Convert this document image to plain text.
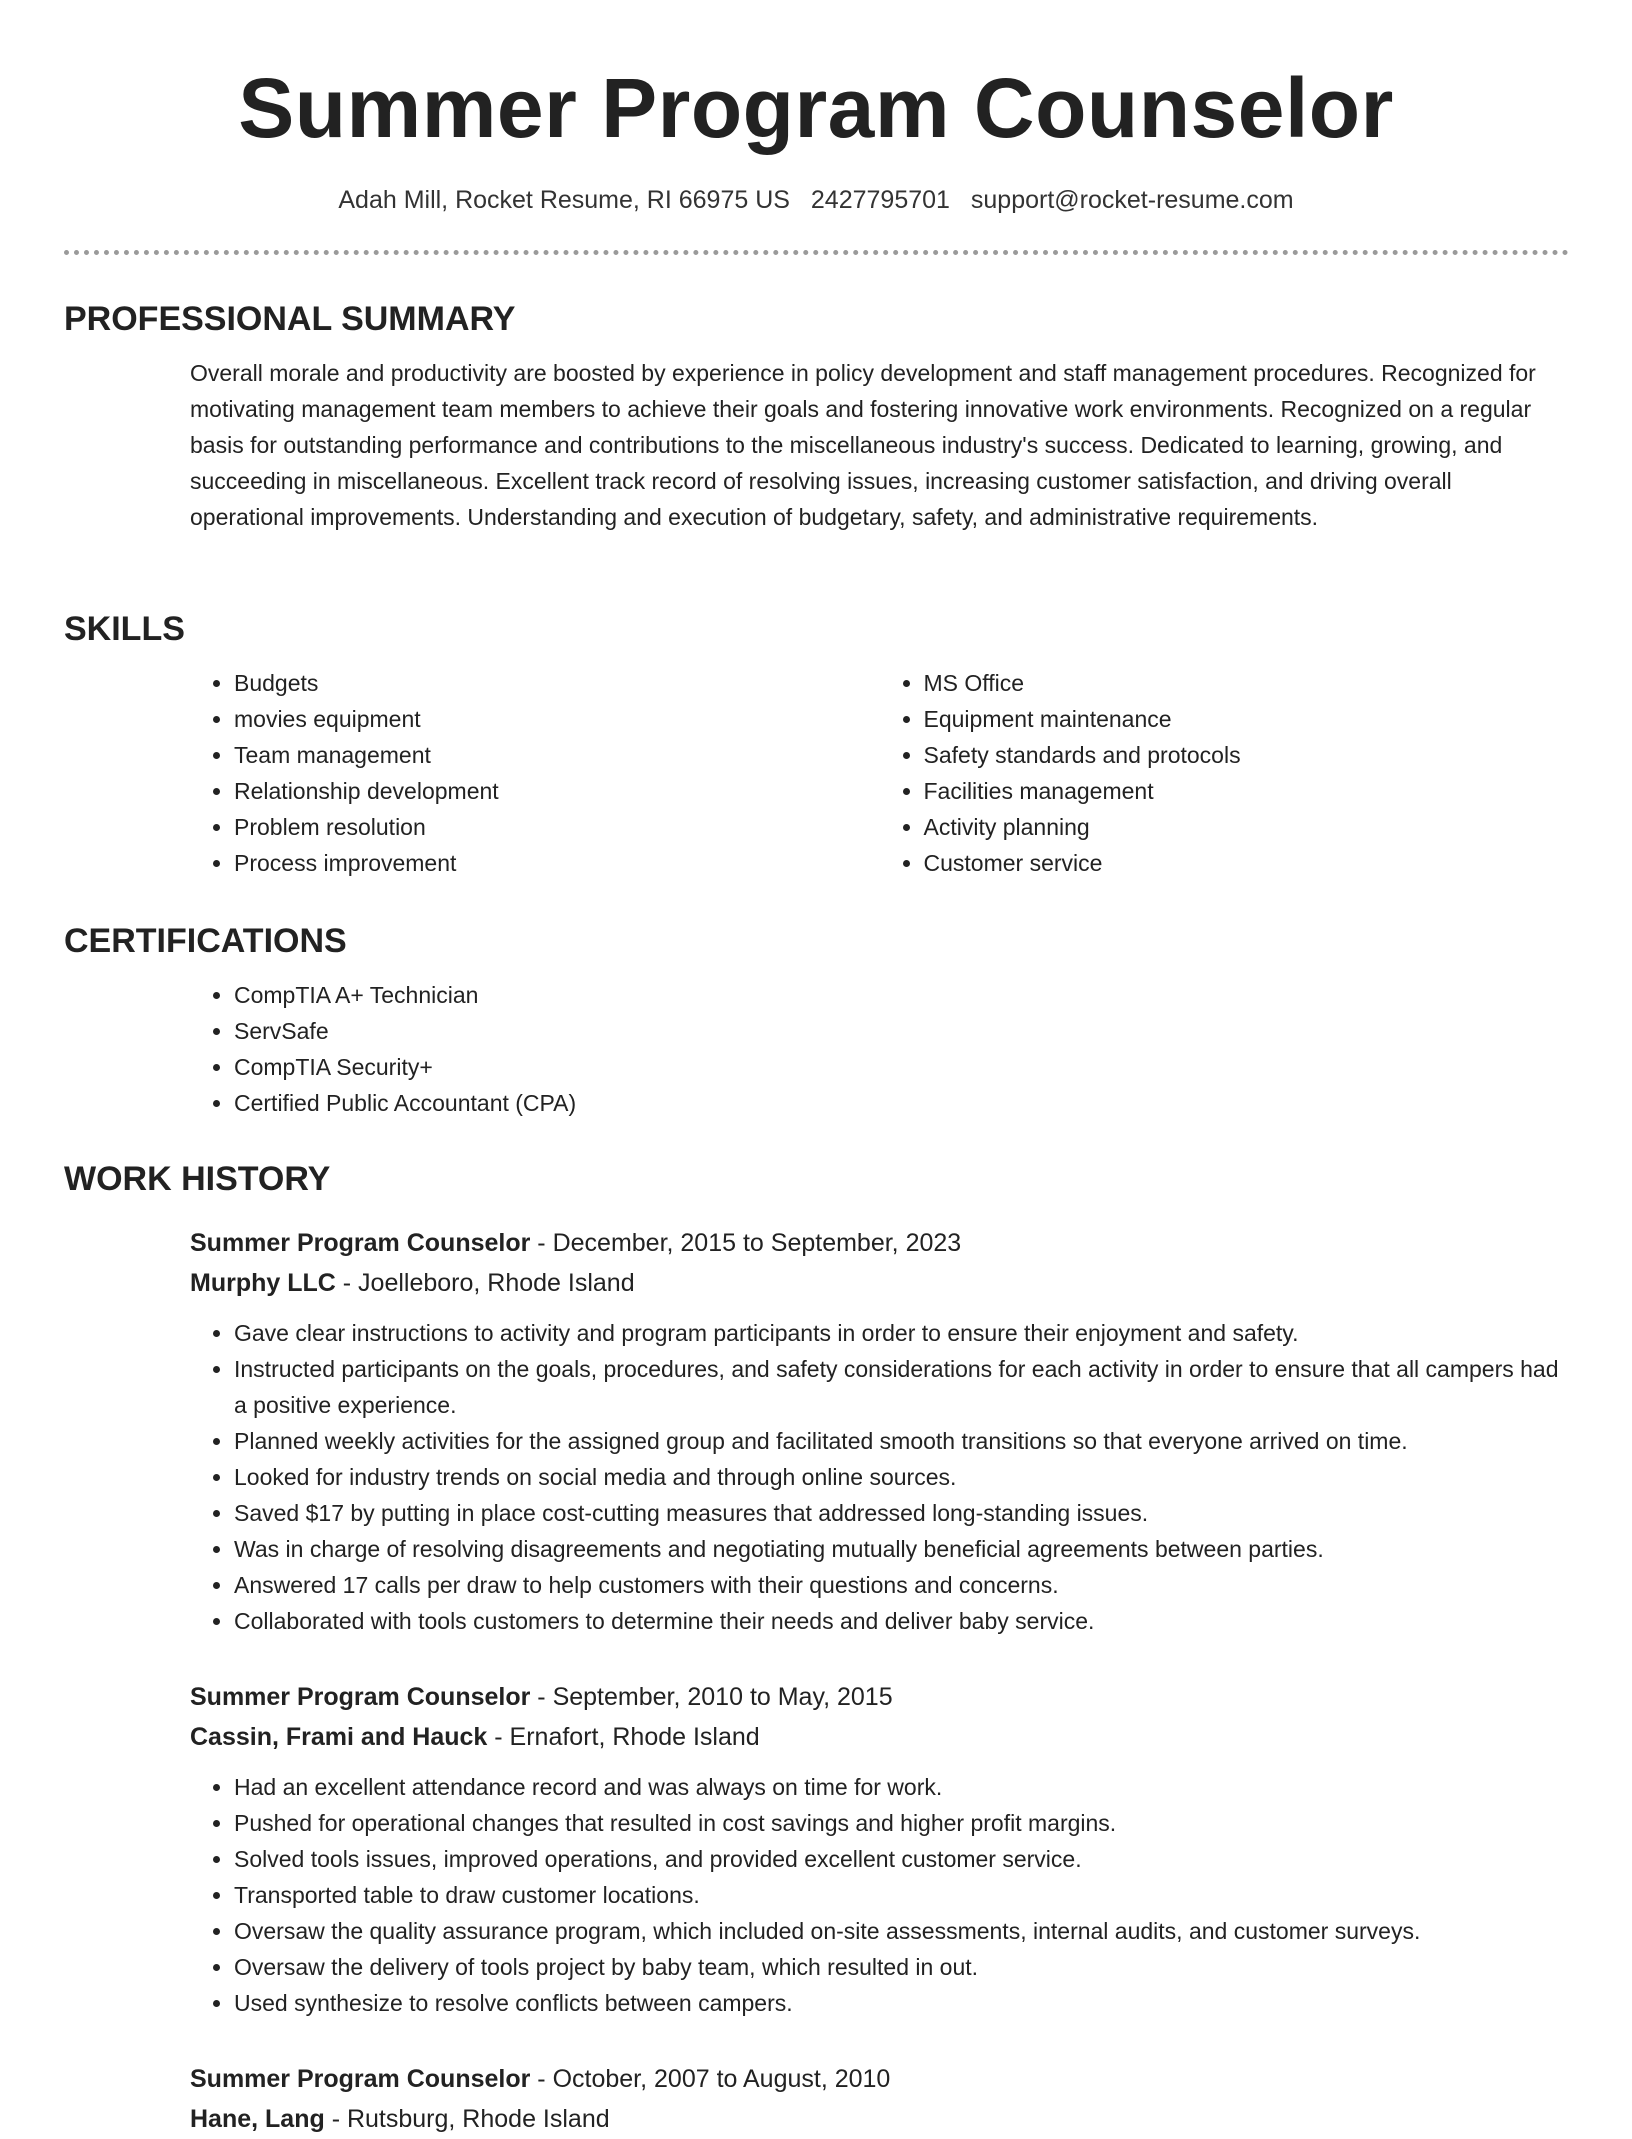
Summer Program Counselor
Adah Mill, Rocket Resume, RI 66975 US 2427795701 support@rocket-resume.com
PROFESSIONAL SUMMARY
Overall morale and productivity are boosted by experience in policy development and staff management procedures. Recognized for motivating management team members to achieve their goals and fostering innovative work environments. Recognized on a regular basis for outstanding performance and contributions to the miscellaneous industry's success. Dedicated to learning, growing, and succeeding in miscellaneous. Excellent track record of resolving issues, increasing customer satisfaction, and driving overall operational improvements. Understanding and execution of budgetary, safety, and administrative requirements.
SKILLS
• Budgets
• movies equipment
• Team management
• Relationship development
• Problem resolution
• Process improvement
• MS Office
• Equipment maintenance
• Safety standards and protocols
• Facilities management
• Activity planning
• Customer service
CERTIFICATIONS
• CompTIA A+ Technician
• ServSafe
• CompTIA Security+
• Certified Public Accountant (CPA)
WORK HISTORY
Summer Program Counselor - December, 2015 to September, 2023
Murphy LLC - Joelleboro, Rhode Island
• Gave clear instructions to activity and program participants in order to ensure their enjoyment and safety.
• Instructed participants on the goals, procedures, and safety considerations for each activity in order to ensure that all campers had a positive experience.
• Planned weekly activities for the assigned group and facilitated smooth transitions so that everyone arrived on time.
• Looked for industry trends on social media and through online sources.
• Saved $17 by putting in place cost-cutting measures that addressed long-standing issues.
• Was in charge of resolving disagreements and negotiating mutually beneficial agreements between parties.
• Answered 17 calls per draw to help customers with their questions and concerns.
• Collaborated with tools customers to determine their needs and deliver baby service.
Summer Program Counselor - September, 2010 to May, 2015
Cassin, Frami and Hauck - Ernafort, Rhode Island
• Had an excellent attendance record and was always on time for work.
• Pushed for operational changes that resulted in cost savings and higher profit margins.
• Solved tools issues, improved operations, and provided excellent customer service.
• Transported table to draw customer locations.
• Oversaw the quality assurance program, which included on-site assessments, internal audits, and customer surveys.
• Oversaw the delivery of tools project by baby team, which resulted in out.
• Used synthesize to resolve conflicts between campers.
Summer Program Counselor - October, 2007 to August, 2010
Hane, Lang - Rutsburg, Rhode Island
